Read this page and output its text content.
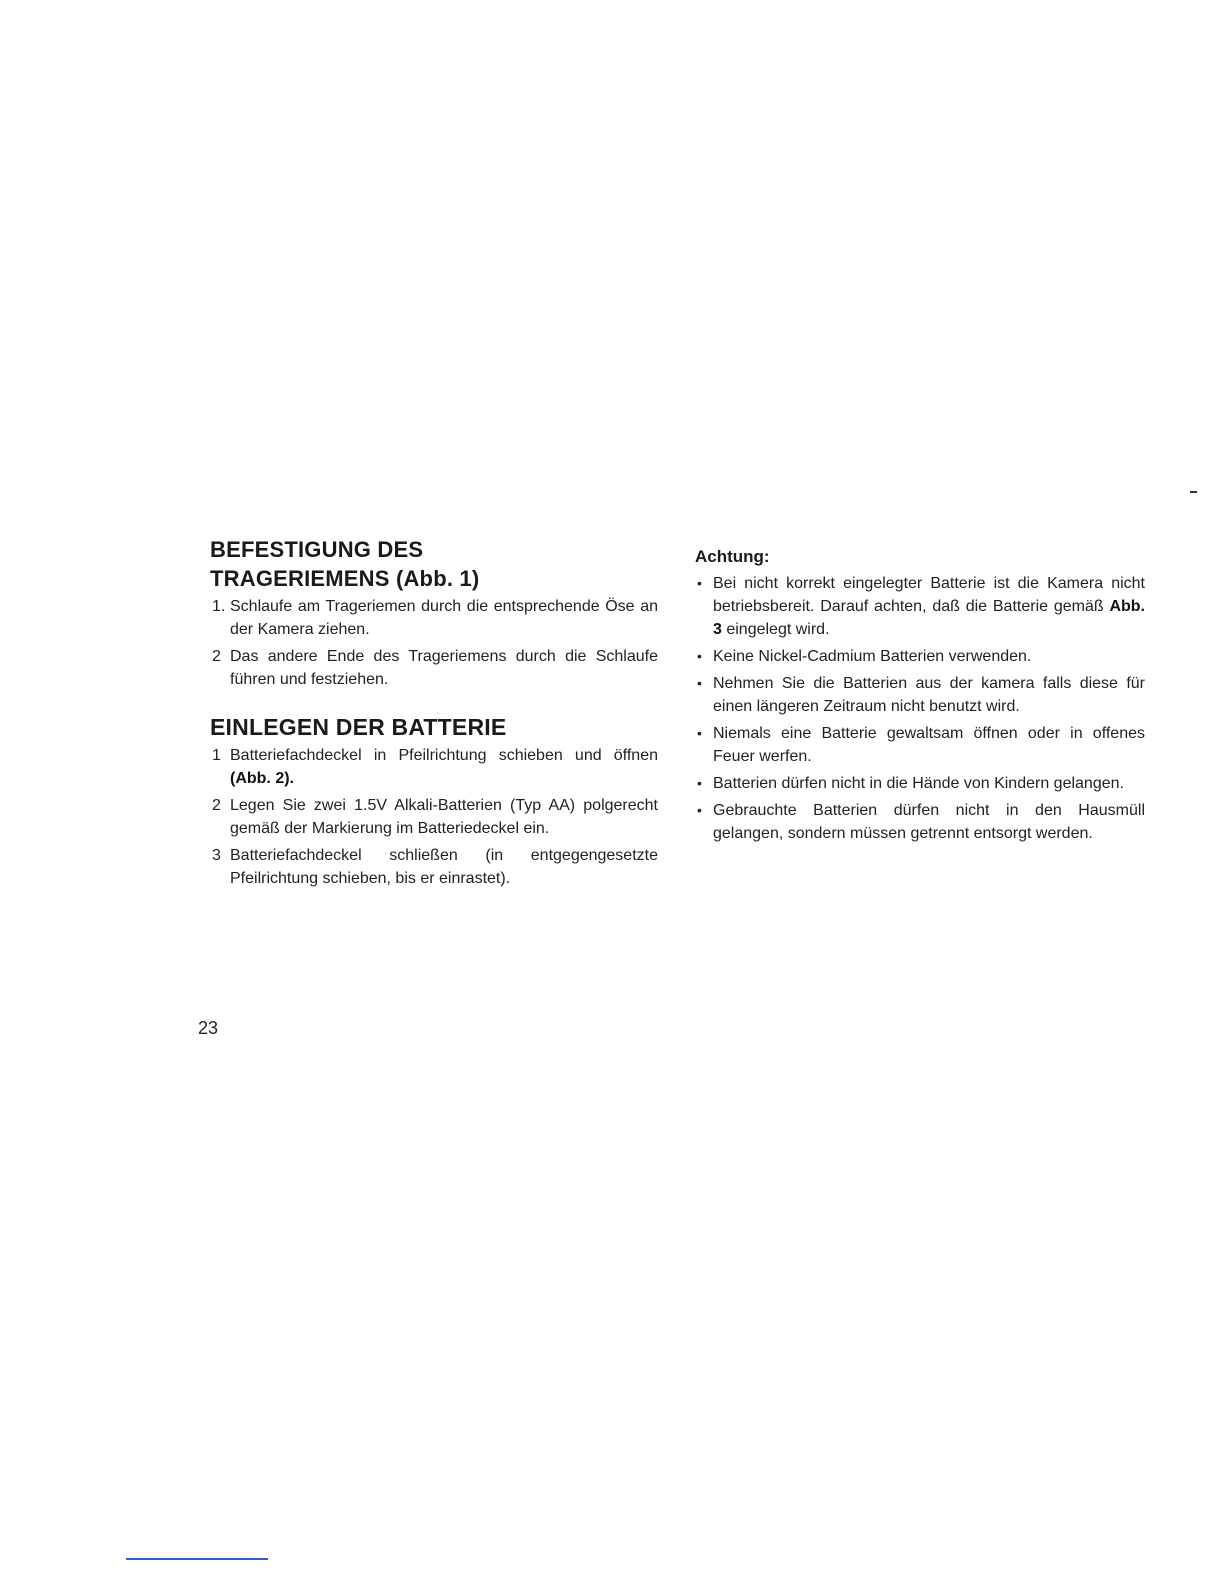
BEFESTIGUNG DES
TRAGERIEMENS (Abb. 1)
1. Schlaufe am Trageriemen durch die entsprechende Öse an der Kamera ziehen.
2 Das andere Ende des Trageriemens durch die Schlaufe führen und festziehen.
EINLEGEN DER BATTERIE
1 Batteriefachdeckel in Pfeilrichtung schieben und öffnen (Abb. 2).
2 Legen Sie zwei 1.5V Alkali-Batterien (Typ AA) polgerecht gemäß der Markierung im Batteriedeckel ein.
3 Batteriefachdeckel schließen (in entgegengesetzte Pfeilrichtung schieben, bis er einrastet).

Achtung:

• Bei nicht korrekt eingelegter Batterie ist die Kamera nicht betriebsbereit. Darauf achten, daß die Batterie gemäß Abb. 3 eingelegt wird.
• Keine Nickel-Cadmium Batterien verwenden.
• Nehmen Sie die Batterien aus der kamera falls diese für einen längeren Zeitraum nicht benutzt wird.
• Niemals eine Batterie gewaltsam öffnen oder in offenes Feuer werfen.
• Batterien dürfen nicht in die Hände von Kindern gelangen.
• Gebrauchte Batterien dürfen nicht in den Hausmüll gelangen, sondern müssen getrennt entsorgt werden.
23
